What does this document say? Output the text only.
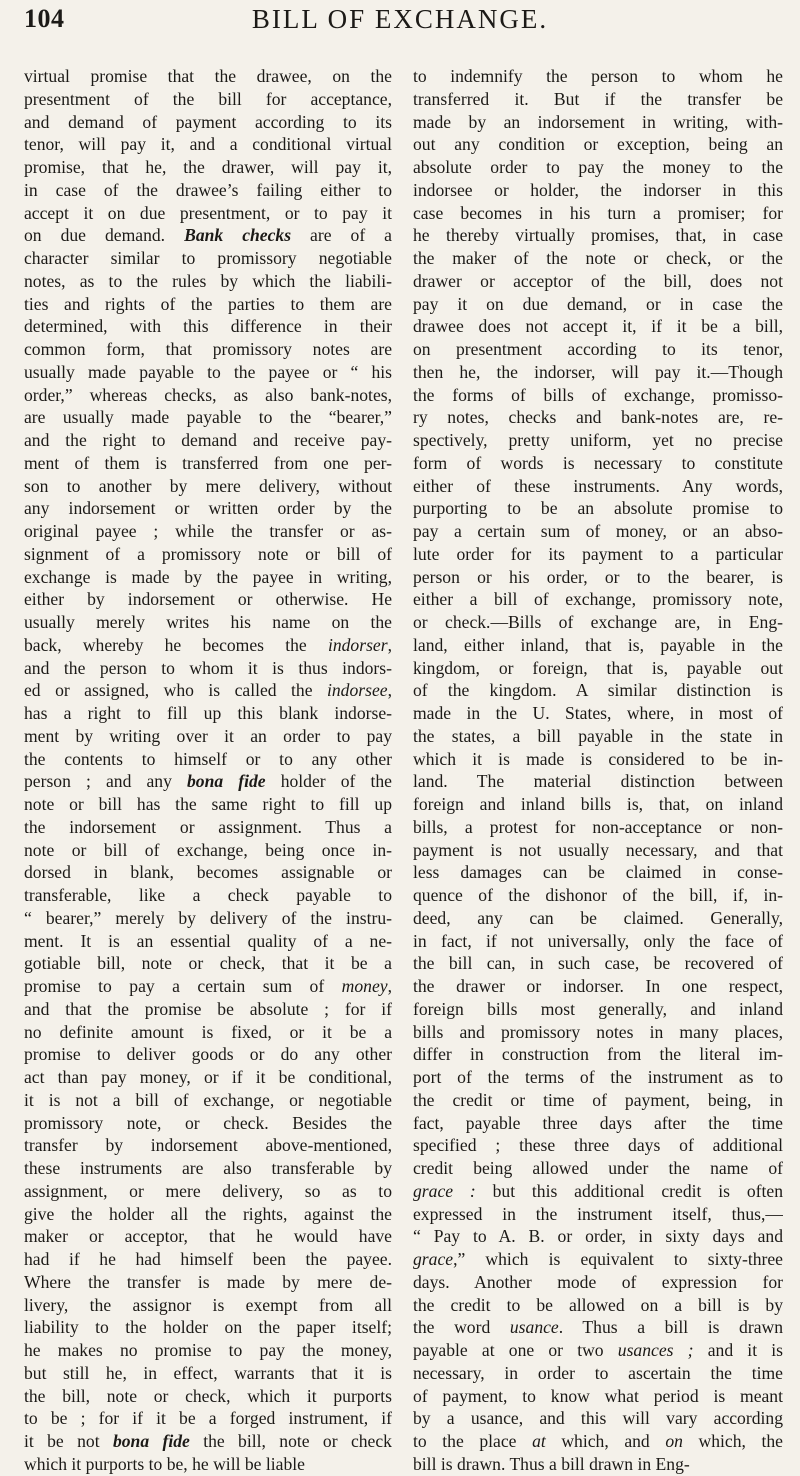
104	BILL OF EXCHANGE.
virtual promise that the drawee, on the
presentment of the bill for acceptance,
and demand of payment according to its
tenor, will pay it, and a conditional virtual
promise, that he, the drawer, will pay it,
in case of the drawee’s failing either to
accept it on due presentment, or to pay it
on due demand. Bank checks are of a
character similar to promissory negotiable
notes, as to the rules by which the liabili-
ties and rights of the parties to them are
determined, with this difference in their
common form, that promissory notes are
usually made payable to the payee or “ his
order,” whereas checks, as also bank-notes,
are usually made payable to the “bearer,”
and the right to demand and receive pay-
ment of them is transferred from one per-
son to another by mere delivery, without
any indorsement or written order by the
original payee ; while the transfer or as-
signment of a promissory note or bill of
exchange is made by the payee in writing,
either by indorsement or otherwise. He
usually merely writes his name on the
back, whereby he becomes the indorser,
and the person to whom it is thus indors-
ed or assigned, who is called the indorsee,
has a right to fill up this blank indorse-
ment by writing over it an order to pay
the contents to himself or to any other
person ; and any bona fide holder of the
note or bill has the same right to fill up
the indorsement or assignment. Thus a
note or bill of exchange, being once in-
dorsed in blank, becomes assignable or
transferable, like a check payable to
“ bearer,” merely by delivery of the instru-
ment. It is an essential quality of a ne-
gotiable bill, note or check, that it be a
promise to pay a certain sum of money,
and that the promise be absolute ; for if
no definite amount is fixed, or it be a
promise to deliver goods or do any other
act than pay money, or if it be conditional,
it is not a bill of exchange, or negotiable
promissory note, or check. Besides the
transfer by indorsement above-mentioned,
these instruments are also transferable by
assignment, or mere delivery, so as to
give the holder all the rights, against the
maker or acceptor, that he would have
had if he had himself been the payee.
Where the transfer is made by mere de-
livery, the assignor is exempt from all
liability to the holder on the paper itself;
he makes no promise to pay the money,
but still he, in effect, warrants that it is
the bill, note or check, which it purports
to be ; for if it be a forged instrument, if
it be not bona fide the bill, note or check
which it purports to be, he will be liable
to indemnify the person to whom he
transferred it. But if the transfer be
made by an indorsement in writing, with-
out any condition or exception, being an
absolute order to pay the money to the
indorsee or holder, the indorser in this
case becomes in his turn a promiser; for
he thereby virtually promises, that, in case
the maker of the note or check, or the
drawer or acceptor of the bill, does not
pay it on due demand, or in case the
drawee does not accept it, if it be a bill,
on presentment according to its tenor,
then he, the indorser, will pay it.—Though
the forms of bills of exchange, promisso-
ry notes, checks and bank-notes are, re-
spectively, pretty uniform, yet no precise
form of words is necessary to constitute
either of these instruments. Any words,
purporting to be an absolute promise to
pay a certain sum of money, or an abso-
lute order for its payment to a particular
person or his order, or to the bearer, is
either a bill of exchange, promissory note,
or check.—Bills of exchange are, in Eng-
land, either inland, that is, payable in the
kingdom, or foreign, that is, payable out
of the kingdom. A similar distinction is
made in the U. States, where, in most of
the states, a bill payable in the state in
which it is made is considered to be in-
land. The material distinction between
foreign and inland bills is, that, on inland
bills, a protest for non-acceptance or non-
payment is not usually necessary, and that
less damages can be claimed in conse-
quence of the dishonor of the bill, if, in-
deed, any can be claimed. Generally,
in fact, if not universally, only the face of
the bill can, in such case, be recovered of
the drawer or indorser. In one respect,
foreign bills most generally, and inland
bills and promissory notes in many places,
differ in construction from the literal im-
port of the terms of the instrument as to
the credit or time of payment, being, in
fact, payable three days after the time
specified ; these three days of additional
credit being allowed under the name of
grace : but this additional credit is often
expressed in the instrument itself, thus,—
“ Pay to A. B. or order, in sixty days and
grace,” which is equivalent to sixty-three
days. Another mode of expression for
the credit to be allowed on a bill is by
the word usance. Thus a bill is drawn
payable at one or two usances ; and it is
necessary, in order to ascertain the time
of payment, to know what period is meant
by a usance, and this will vary according
to the place at which, and on which, the
bill is drawn. Thus a bill drawn in Eng-
